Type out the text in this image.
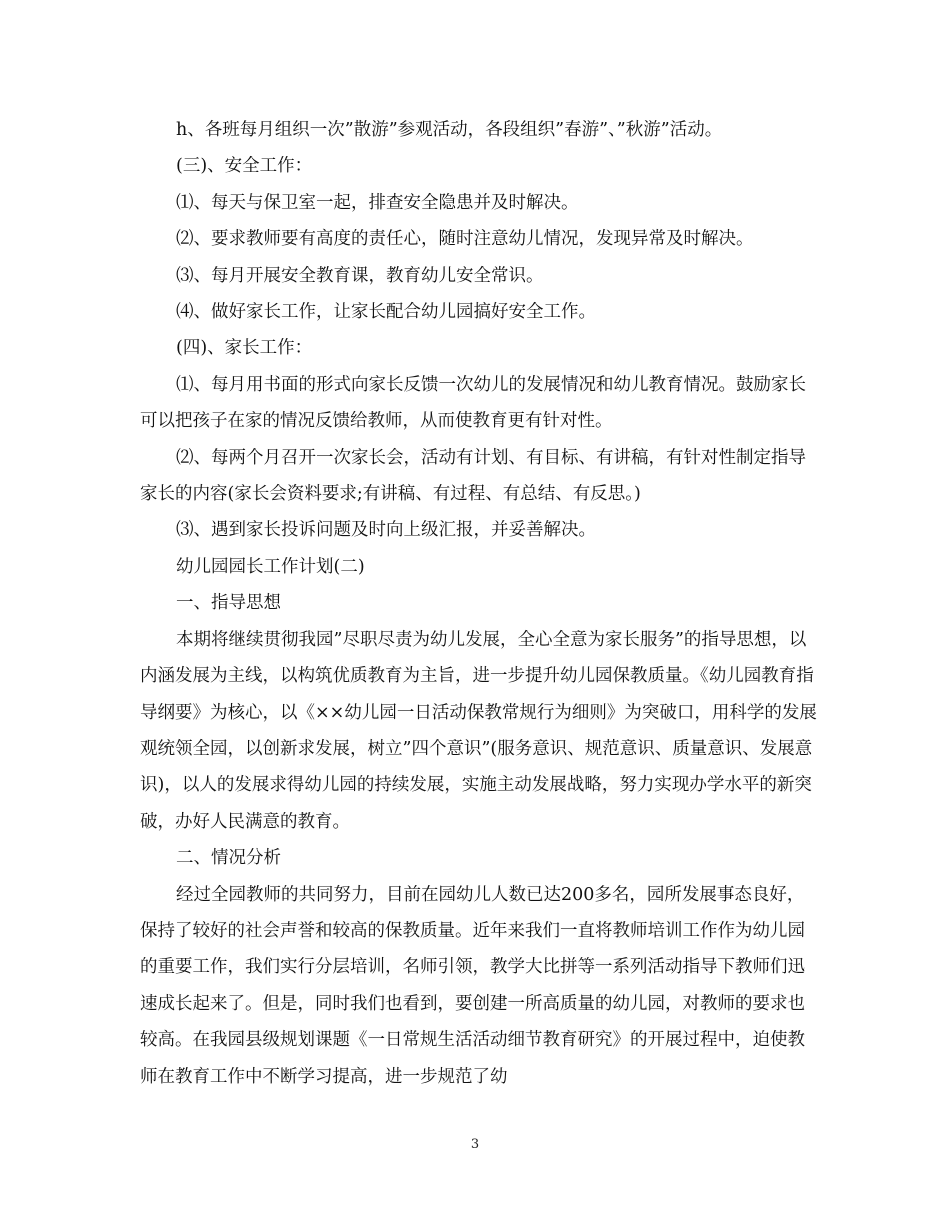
h、各班每月组织一次”散游”参观活动，各段组织”春游”、”秋游”活动。

(三)、安全工作：

⑴、每天与保卫室一起，排查安全隐患并及时解决。

⑵、要求教师要有高度的责任心，随时注意幼儿情况，发现异常及时解决。

⑶、每月开展安全教育课，教育幼儿安全常识。

⑷、做好家长工作，让家长配合幼儿园搞好安全工作。

(四)、家长工作：

⑴、每月用书面的形式向家长反馈一次幼儿的发展情况和幼儿教育情况。鼓励家长可以把孩子在家的情况反馈给教师，从而使教育更有针对性。

⑵、每两个月召开一次家长会，活动有计划、有目标、有讲稿，有针对性制定指导家长的内容(家长会资料要求;有讲稿、有过程、有总结、有反思。)

⑶、遇到家长投诉问题及时向上级汇报，并妥善解决。

幼儿园园长工作计划(二)

一、指导思想

本期将继续贯彻我园”尽职尽责为幼儿发展，全心全意为家长服务”的指导思想，以内涵发展为主线，以构筑优质教育为主旨，进一步提升幼儿园保教质量。《幼儿园教育指导纲要》为核心，以《××幼儿园一日活动保教常规行为细则》为突破口，用科学的发展观统领全园，以创新求发展，树立”四个意识”(服务意识、规范意识、质量意识、发展意识)，以人的发展求得幼儿园的持续发展，实施主动发展战略，努力实现办学水平的新突破，办好人民满意的教育。

二、情况分析

经过全园教师的共同努力，目前在园幼儿人数已达200多名，园所发展事态良好，保持了较好的社会声誉和较高的保教质量。近年来我们一直将教师培训工作作为幼儿园的重要工作，我们实行分层培训，名师引领，教学大比拼等一系列活动指导下教师们迅速成长起来了。但是，同时我们也看到，要创建一所高质量的幼儿园，对教师的要求也较高。在我园县级规划课题《一日常规生活活动细节教育研究》的开展过程中，迫使教师在教育工作中不断学习提高，进一步规范了幼

3
